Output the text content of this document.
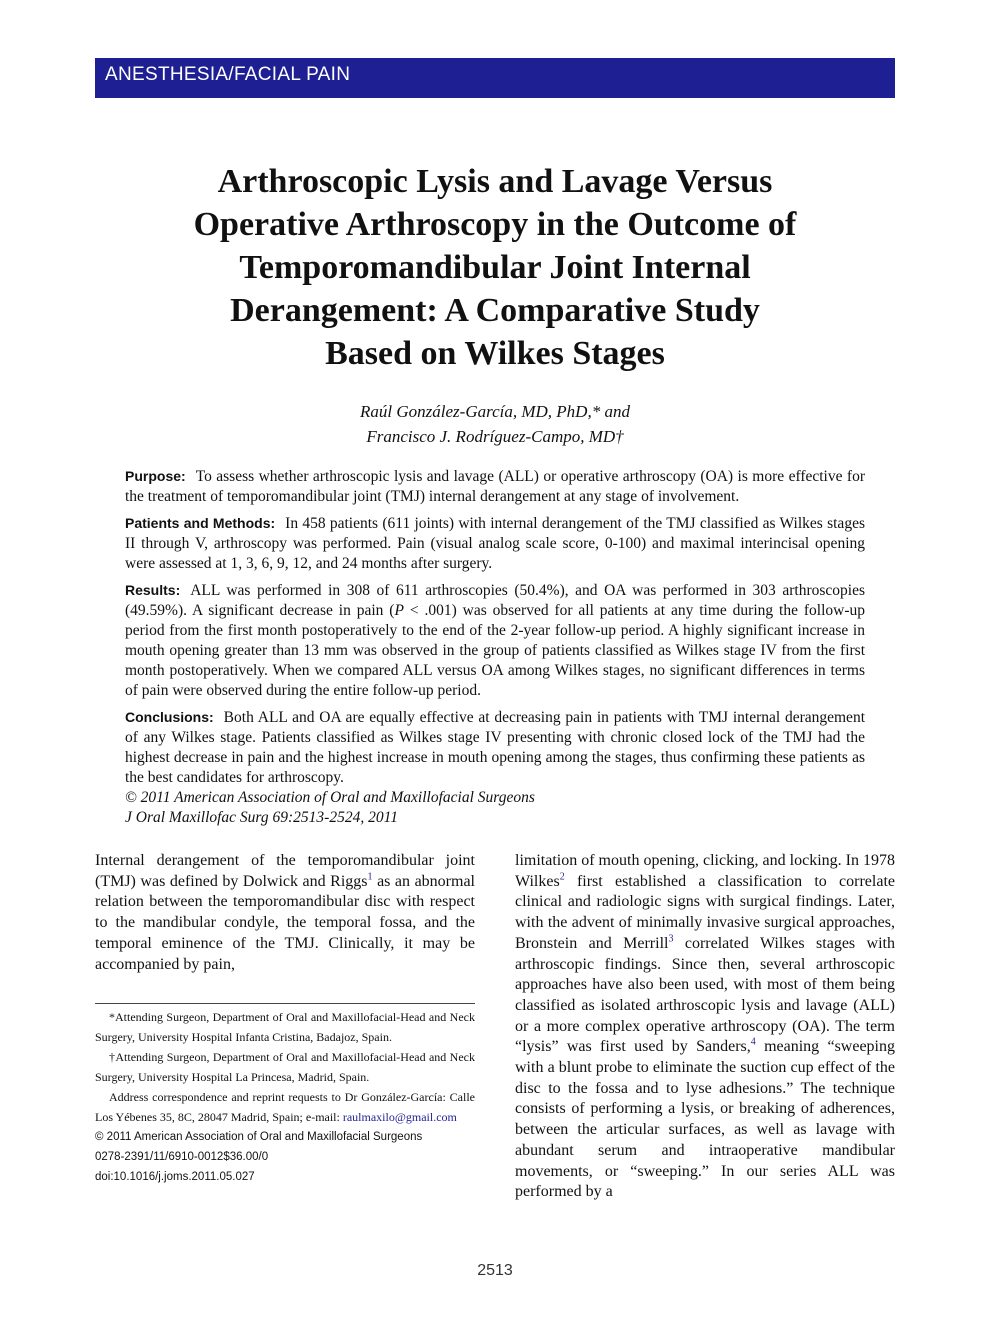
ANESTHESIA/FACIAL PAIN
Arthroscopic Lysis and Lavage Versus
Operative Arthroscopy in the Outcome of
Temporomandibular Joint Internal
Derangement: A Comparative Study
Based on Wilkes Stages
Raúl González-García, MD, PhD,* and
Francisco J. Rodríguez-Campo, MD†

Purpose: To assess whether arthroscopic lysis and lavage (ALL) or operative arthroscopy (OA) is more effective for the treatment of temporomandibular joint (TMJ) internal derangement at any stage of involvement.

Patients and Methods: In 458 patients (611 joints) with internal derangement of the TMJ classified as Wilkes stages II through V, arthroscopy was performed. Pain (visual analog scale score, 0-100) and maximal interincisal opening were assessed at 1, 3, 6, 9, 12, and 24 months after surgery.

Results: ALL was performed in 308 of 611 arthroscopies (50.4%), and OA was performed in 303 arthroscopies (49.59%). A significant decrease in pain (P < .001) was observed for all patients at any time during the follow-up period from the first month postoperatively to the end of the 2-year follow-up period. A highly significant increase in mouth opening greater than 13 mm was observed in the group of patients classified as Wilkes stage IV from the first month postoperatively. When we compared ALL versus OA among Wilkes stages, no significant differences in terms of pain were observed during the entire follow-up period.

Conclusions: Both ALL and OA are equally effective at decreasing pain in patients with TMJ internal derangement of any Wilkes stage. Patients classified as Wilkes stage IV presenting with chronic closed lock of the TMJ had the highest decrease in pain and the highest increase in mouth opening among the stages, thus confirming these patients as the best candidates for arthroscopy.

© 2011 American Association of Oral and Maxillofacial Surgeons

J Oral Maxillofac Surg 69:2513-2524, 2011

Internal derangement of the temporomandibular joint (TMJ) was defined by Dolwick and Riggs$^1$ as an abnormal relation between the temporomandibular disc with respect to the mandibular condyle, the temporal fossa, and the temporal eminence of the TMJ. Clinically, it may be accompanied by pain,

*Attending Surgeon, Department of Oral and Maxillofacial-Head and Neck Surgery, University Hospital Infanta Cristina, Badajoz, Spain.

†Attending Surgeon, Department of Oral and Maxillofacial-Head and Neck Surgery, University Hospital La Princesa, Madrid, Spain.

Address correspondence and reprint requests to Dr González-García: Calle Los Yébenes 35, 8C, 28047 Madrid, Spain; e-mail: raulmaxilo@gmail.com

© 2011 American Association of Oral and Maxillofacial Surgeons

0278-2391/11/6910-0012$36.00/0

doi:10.1016/j.joms.2011.05.027

limitation of mouth opening, clicking, and locking. In 1978 Wilkes$^2$ first established a classification to correlate clinical and radiologic signs with surgical findings. Later, with the advent of minimally invasive surgical approaches, Bronstein and Merrill$^3$ correlated Wilkes stages with arthroscopic findings. Since then, several arthroscopic approaches have also been used, with most of them being classified as isolated arthroscopic lysis and lavage (ALL) or a more complex operative arthroscopy (OA). The term “lysis” was first used by Sanders,$^4$ meaning “sweeping with a blunt probe to eliminate the suction cup effect of the disc to the fossa and to lyse adhesions.” The technique consists of performing a lysis, or breaking of adherences, between the articular surfaces, as well as lavage with abundant serum and intraoperative mandibular movements, or “sweeping.” In our series ALL was performed by a
2513
